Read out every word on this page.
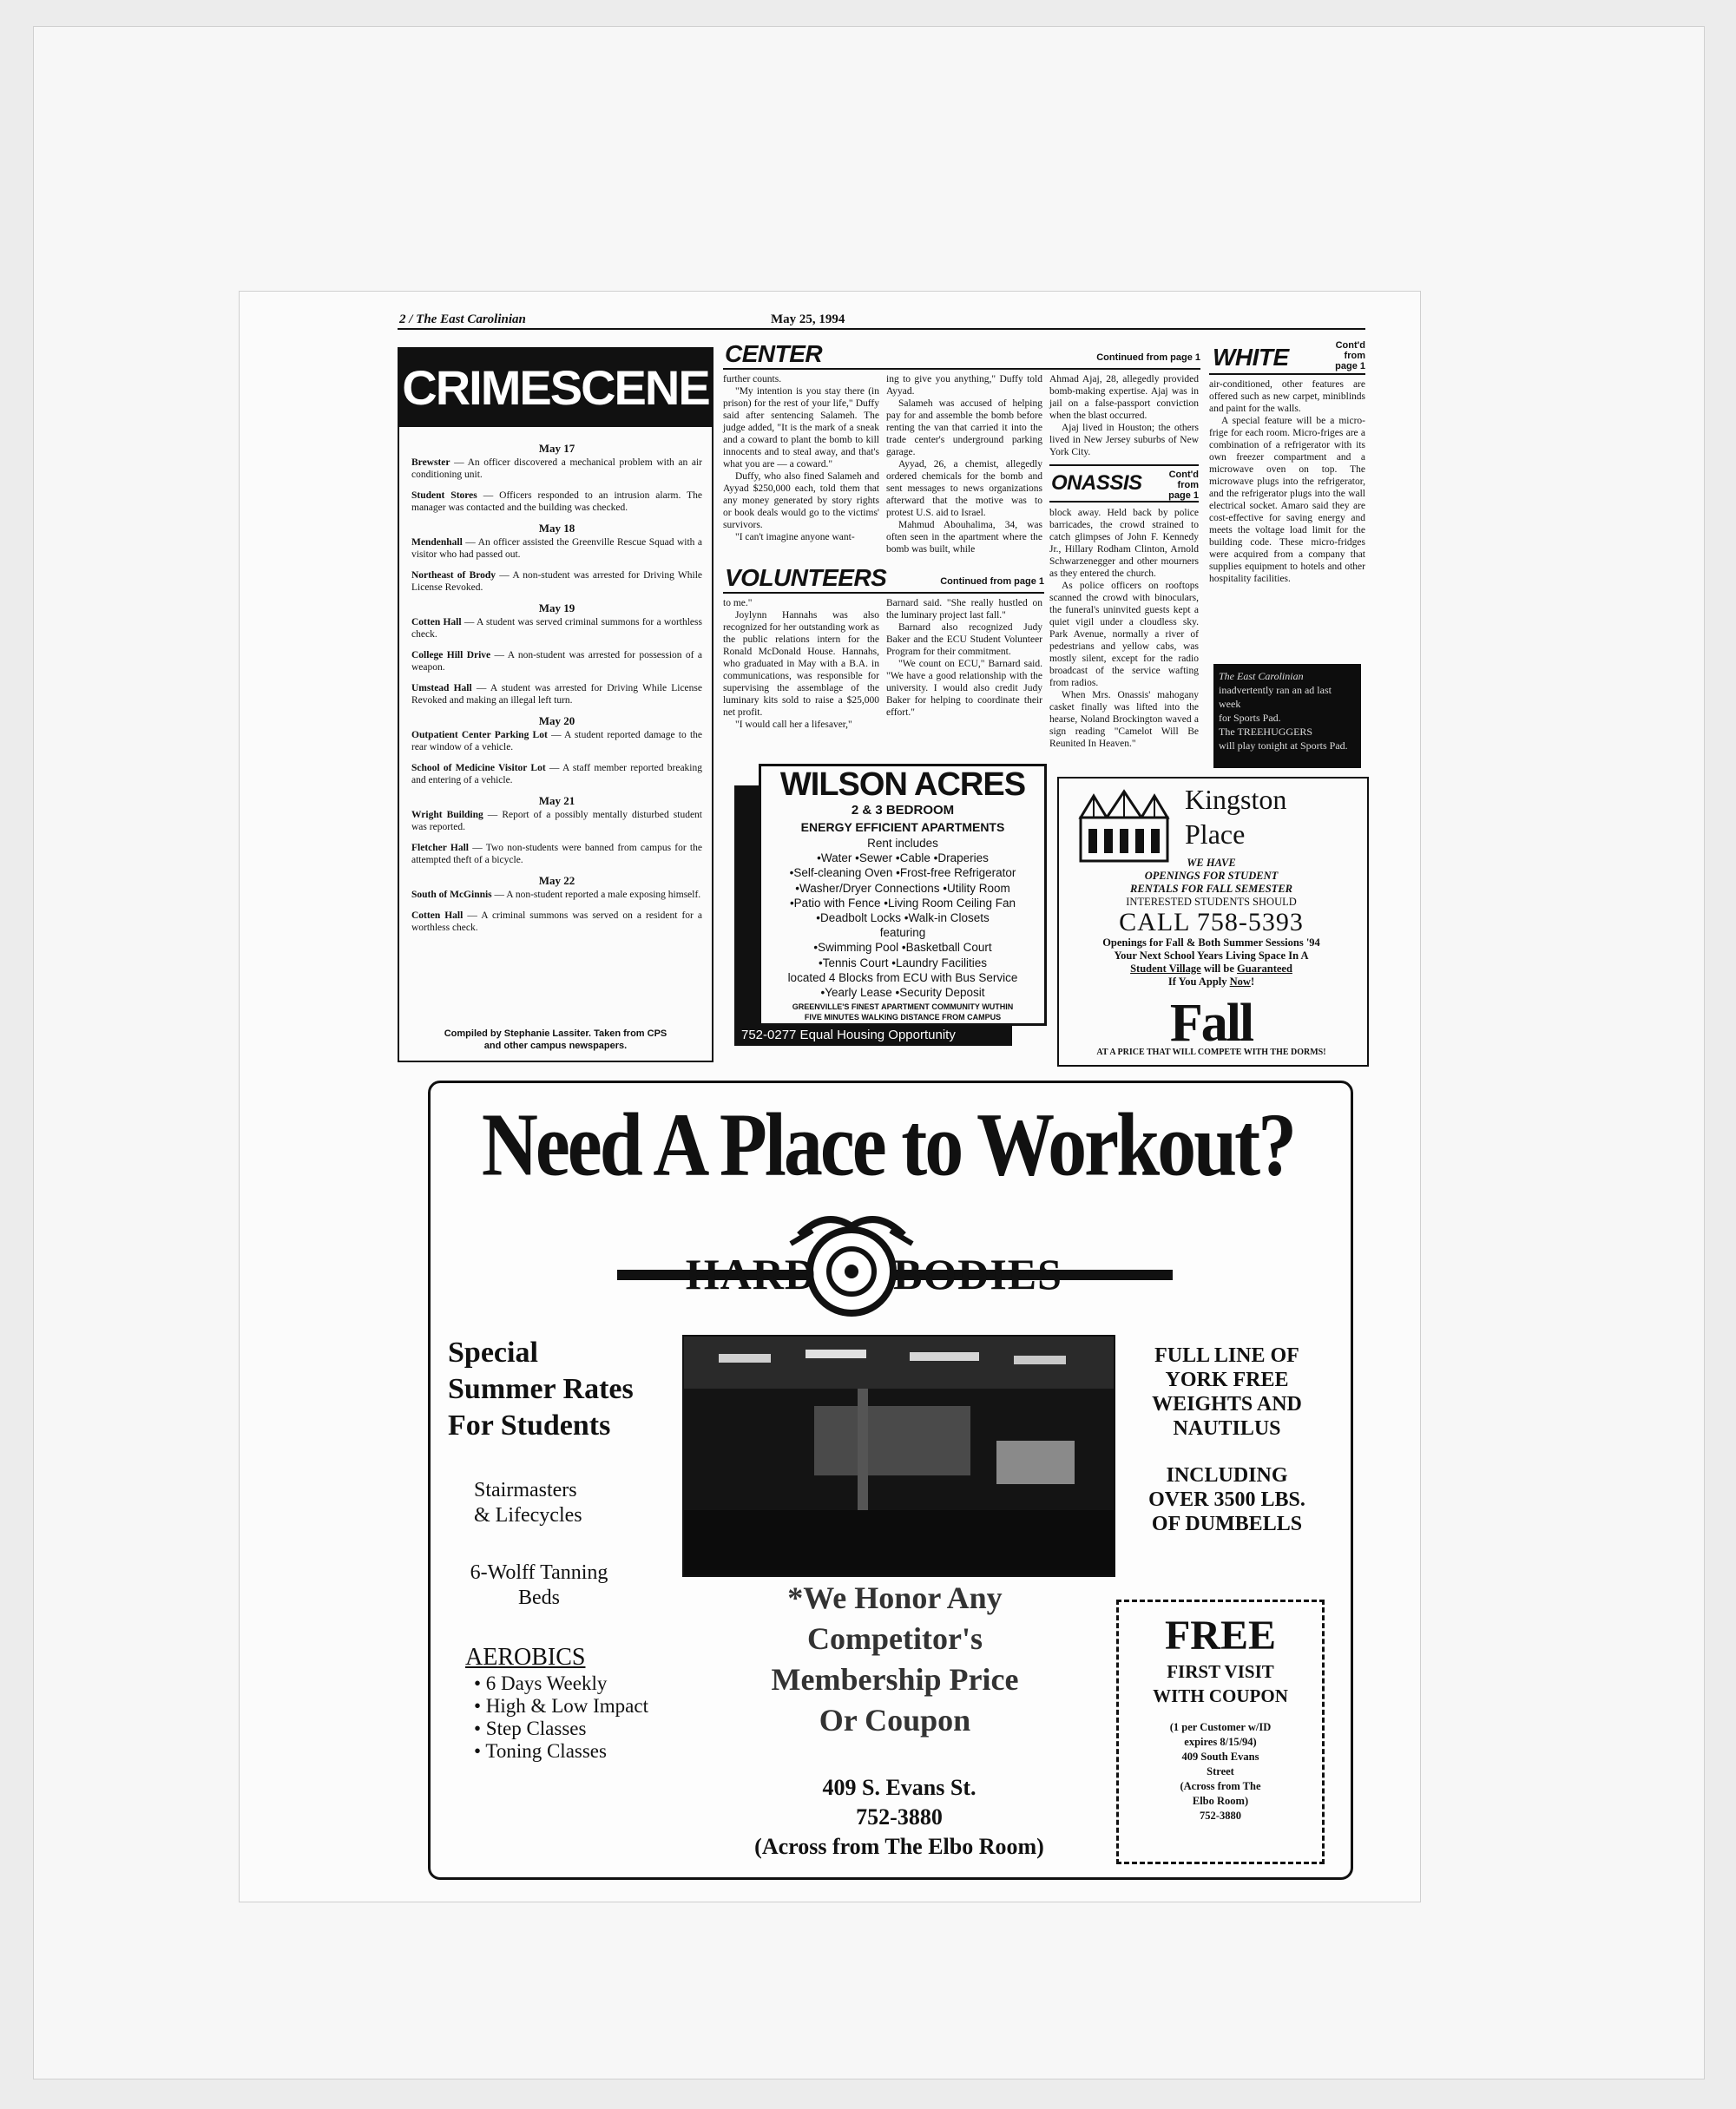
2 / The East Carolinian	May 25, 1994
CRIMESCENE
May 17
Brewster — An officer discovered a mechanical problem with an air conditioning unit.
Student Stores — Officers responded to an intrusion alarm. The manager was contacted and the building was checked.
May 18
Mendenhall — An officer assisted the Greenville Rescue Squad with a visitor who had passed out.
Northeast of Brody — A non-student was arrested for Driving While License Revoked.
May 19
Cotten Hall — A student was served criminal summons for a worthless check.
College Hill Drive — A non-student was arrested for possession of a weapon.
Umstead Hall — A student was arrested for Driving While License Revoked and making an illegal left turn.
May 20
Outpatient Center Parking Lot — A student reported damage to the rear window of a vehicle.
School of Medicine Visitor Lot — A staff member reported breaking and entering of a vehicle.
May 21
Wright Building — Report of a possibly mentally disturbed student was reported.
Fletcher Hall — Two non-students were banned from campus for the attempted theft of a bicycle.
May 22
South of McGinnis — A non-student reported a male exposing himself.
Cotten Hall — A criminal summons was served on a resident for a worthless check.
Compiled by Stephanie Lassiter. Taken from CPS
and other campus newspapers.
CENTER	Continued from page 1

further counts.

"My intention is you stay there (in prison) for the rest of your life," Duffy said after sentencing Salameh. The judge added, "It is the mark of a sneak and a coward to plant the bomb to kill innocents and to steal away, and that's what you are — a coward."

Duffy, who also fined Salameh and Ayyad $250,000 each, told them that any money generated by story rights or book deals would go to the victims' survivors.

"I can't imagine anyone want-

ing to give you anything," Duffy told Ayyad.

Salameh was accused of helping pay for and assemble the bomb before renting the van that carried it into the trade center's underground parking garage.

Ayyad, 26, a chemist, allegedly ordered chemicals for the bomb and sent messages to news organizations afterward that the motive was to protest U.S. aid to Israel.

Mahmud Abouhalima, 34, was often seen in the apartment where the bomb was built, while

Ahmad Ajaj, 28, allegedly provided bomb-making expertise. Ajaj was in jail on a false-passport conviction when the blast occurred.

Ajaj lived in Houston; the others lived in New Jersey suburbs of New York City.

VOLUNTEERS	Continued from page 1

to me."

Joylynn Hannahs was also recognized for her outstanding work as the public relations intern for the Ronald McDonald House. Hannahs, who graduated in May with a B.A. in communications, was responsible for supervising the assemblage of the luminary kits sold to raise a $25,000 net profit.

"I would call her a lifesaver,"

Barnard said. "She really hustled on the luminary project last fall."

Barnard also recognized Judy Baker and the ECU Student Volunteer Program for their commitment.

"We count on ECU," Barnard said. "We have a good relationship with the university. I would also credit Judy Baker for helping to coordinate their effort."

ONASSIS	Cont'd from page 1

block away. Held back by police barricades, the crowd strained to catch glimpses of John F. Kennedy Jr., Hillary Rodham Clinton, Arnold Schwarzenegger and other mourners as they entered the church.

As police officers on rooftops scanned the crowd with binoculars, the funeral's uninvited guests kept a quiet vigil under a cloudless sky. Park Avenue, normally a river of pedestrians and yellow cabs, was mostly silent, except for the radio broadcast of the service wafting from radios.

When Mrs. Onassis' mahogany casket finally was lifted into the hearse, Noland Brockington waved a sign reading "Camelot Will Be Reunited In Heaven."

WHITE	Cont'd from page 1

air-conditioned, other features are offered such as new carpet, miniblinds and paint for the walls.

A special feature will be a micro-frige for each room. Micro-friges are a combination of a refrigerator with its own freezer compartment and a microwave oven on top. The microwave plugs into the refrigerator, and the refrigerator plugs into the wall electrical socket. Amaro said they are cost-effective for saving energy and meets the voltage load limit for the building code. These micro-fridges were acquired from a company that supplies equipment to hotels and other hospitality facilities.

The East Carolinian
inadvertently ran an ad last week
for Sports Pad.
The TREEHUGGERS
will play tonight at Sports Pad.
752-0277 Equal Housing Opportunity
WILSON ACRES
2 & 3 BEDROOM
ENERGY EFFICIENT APARTMENTS
Rent includes
•Water •Sewer •Cable •Draperies
•Self-cleaning Oven •Frost-free Refrigerator
•Washer/Dryer Connections •Utility Room
•Patio with Fence •Living Room Ceiling Fan
•Deadbolt Locks •Walk-in Closets
featuring
•Swimming Pool •Basketball Court
•Tennis Court •Laundry Facilities
located 4 Blocks from ECU with Bus Service
•Yearly Lease •Security Deposit
GREENVILLE'S FINEST APARTMENT COMMUNITY WUTHIN
FIVE MINUTES WALKING DISTANCE FROM CAMPUS
Kingston
Place
WE HAVE
OPENINGS FOR STUDENT
RENTALS FOR FALL SEMESTER
INTERESTED STUDENTS SHOULD
CALL 758-5393
Openings for Fall & Both Summer Sessions '94
Your Next School Years Living Space In A
Student Village will be Guaranteed
If You Apply Now!
Fall
AT A PRICE THAT WILL COMPETE WITH THE DORMS!
Need A Place to Workout?
HARD BODIES
Special
Summer Rates
For Students
FULL LINE OF
YORK FREE
WEIGHTS AND
NAUTILUS
INCLUDING
OVER 3500 LBS.
OF DUMBELLS
Stairmasters
& Lifecycles
6-Wolff Tanning
Beds
AEROBICS
• 6 Days Weekly
• High & Low Impact
• Step Classes
• Toning Classes
*We Honor Any
Competitor's
Membership Price
Or Coupon
409 S. Evans St.
752-3880
(Across from The Elbo Room)
FREE
FIRST VISIT
WITH COUPON
(1 per Customer w/ID
expires 8/15/94)
409 South Evans
Street
(Across from The
Elbo Room)
752-3880
